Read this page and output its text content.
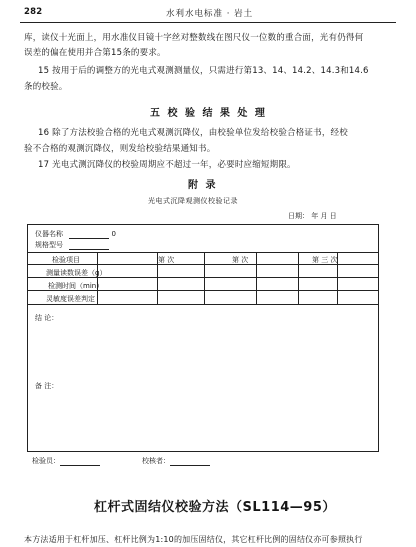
282	水利水电标准 · 岩土
库，读仪十光面上，用水准仪目镜十字丝对整数线在图尺仪一位数的重合面，光有仍得何
误差的偏在使用并合第15条的要求。
15 按用于后的调整方的光电式观测测量仪，只需进行第13、14、14.2、14.3和14.6
条的校验。
五 校 验 结 果 处 理
16 除了方法校验合格的光电式观测沉降仪，由校验单位发给校验合格证书，经校
验不合格的观测沉降仪，则发给校验结果通知书。
17 光电式测沉降仪的校验周期应不超过一年，必要时应缩短期限。
附 录
光电式沉降观测仪校验记录
日期： 年 月 日
仪器名称	0
规格型号
检验项目	第 次	第 次	第 三 次
测量读数误差（g）
检测时间（min）
灵敏度误差判定
结 论：
备 注：
检验员：	校核者：
杠杆式固结仪校验方法（SL114—95）
本方法适用于杠杆加压、杠杆比例为1:10的加压固结仪，其它杠杆比例的固结仪亦可参照执行
